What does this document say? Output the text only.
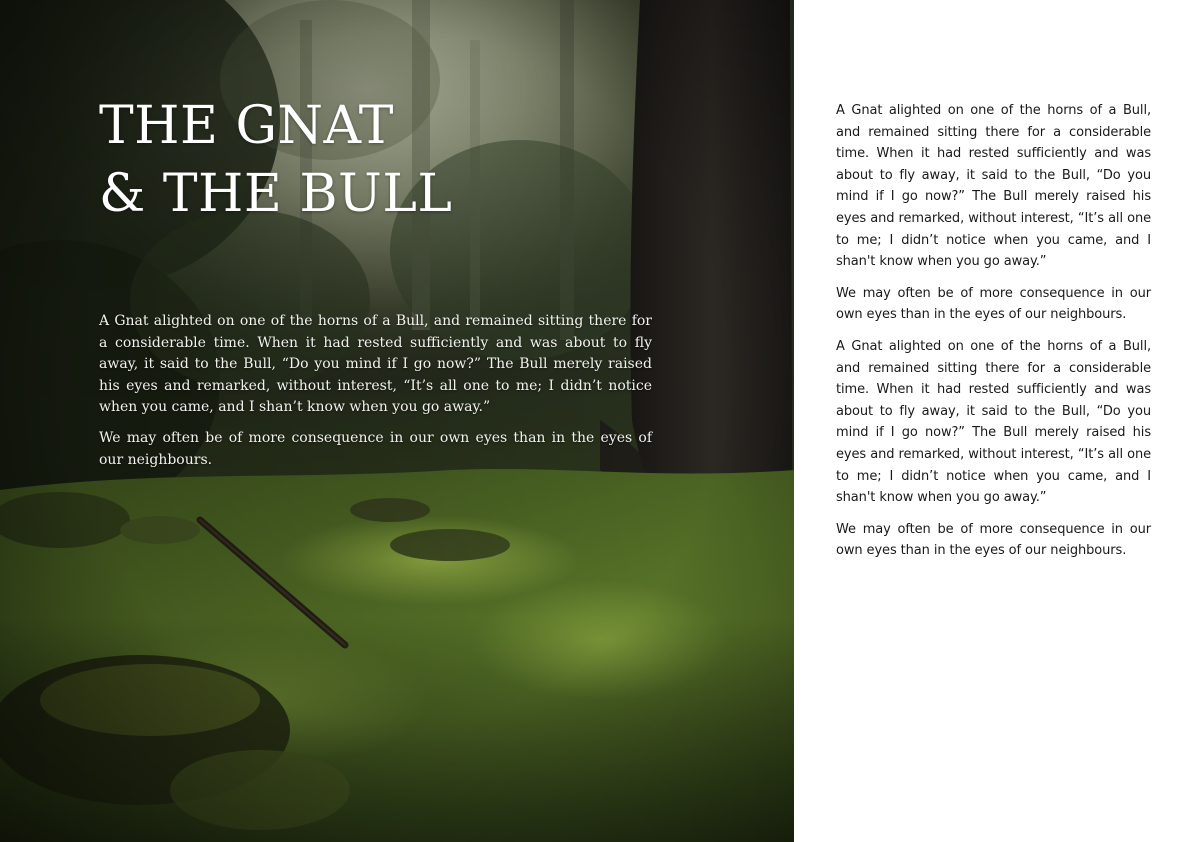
THE GNAT
& THE BULL

A Gnat alighted on one of the horns of a Bull, and remained sitting there for a considerable time. When it had rested sufficiently and was about to fly away, it said to the Bull, “Do you mind if I go now?” The Bull merely raised his eyes and remarked, without interest, “It’s all one to me; I didn’t notice when you came, and I shan’t know when you go away.”

We may often be of more consequence in our own eyes than in the eyes of our neighbours.

A Gnat alighted on one of the horns of a Bull, and remained sitting there for a considerable time. When it had rested sufficiently and was about to fly away, it said to the Bull, “Do you mind if I go now?” The Bull merely raised his eyes and remarked, without interest, “It’s all one to me; I didn’t notice when you came, and I shan't know when you go away.”

We may often be of more consequence in our own eyes than in the eyes of our neighbours.

A Gnat alighted on one of the horns of a Bull, and remained sitting there for a considerable time. When it had rested sufficiently and was about to fly away, it said to the Bull, “Do you mind if I go now?” The Bull merely raised his eyes and remarked, without interest, “It’s all one to me; I didn’t notice when you came, and I shan't know when you go away.”

We may often be of more consequence in our own eyes than in the eyes of our neighbours.
